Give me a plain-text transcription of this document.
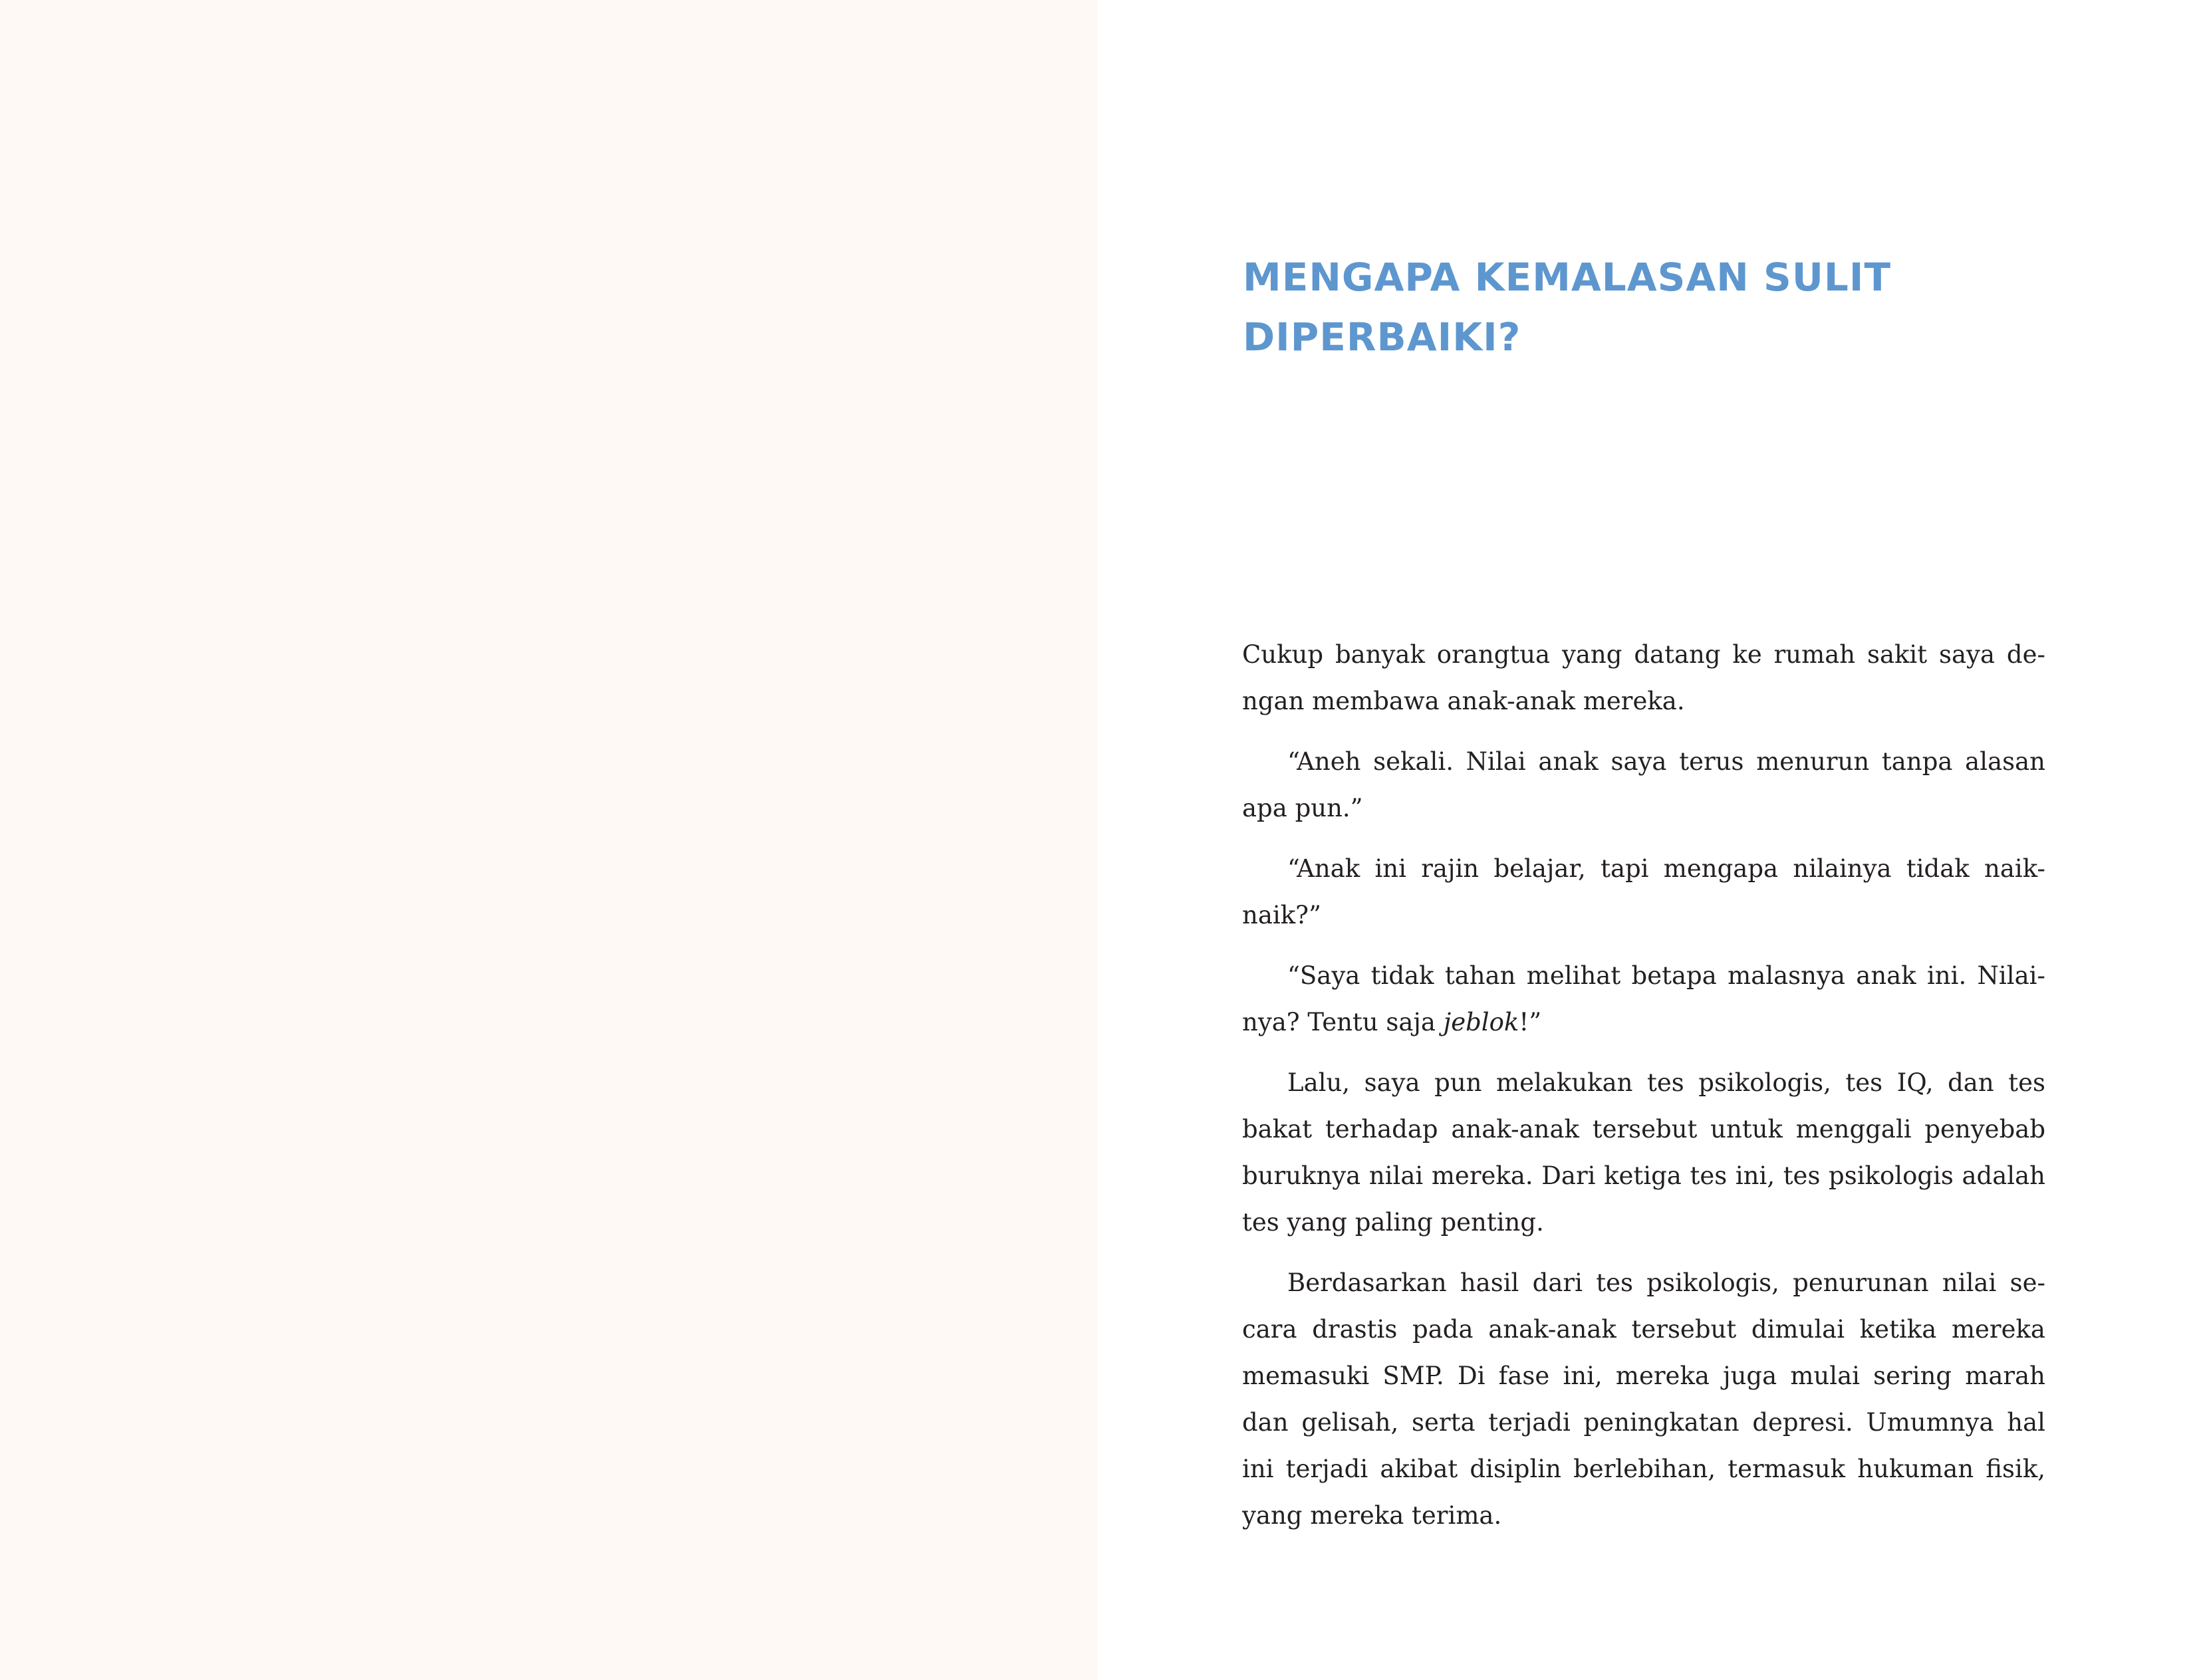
MENGAPA KEMALASAN SULIT
DIPERBAIKI?

Cukup banyak orangtua yang datang ke rumah sakit saya dengan membawa anak-anak mereka.

“Aneh sekali. Nilai anak saya terus menurun tanpa alasan apa pun.”

“Anak ini rajin belajar, tapi mengapa nilainya tidak naik-naik?”

“Saya tidak tahan melihat betapa malasnya anak ini. Nilainya? Tentu saja jeblok!”

Lalu, saya pun melakukan tes psikologis, tes IQ, dan tes bakat terhadap anak-anak tersebut untuk menggali penyebab buruknya nilai mereka. Dari ketiga tes ini, tes psikologis adalah tes yang paling penting.

Berdasarkan hasil dari tes psikologis, penurunan nilai secara drastis pada anak-anak tersebut dimulai ketika mereka memasuki SMP. Di fase ini, mereka juga mulai sering marah dan gelisah, serta terjadi peningkatan depresi. Umumnya hal ini terjadi akibat disiplin berlebihan, termasuk hukuman fisik, yang mereka terima.
